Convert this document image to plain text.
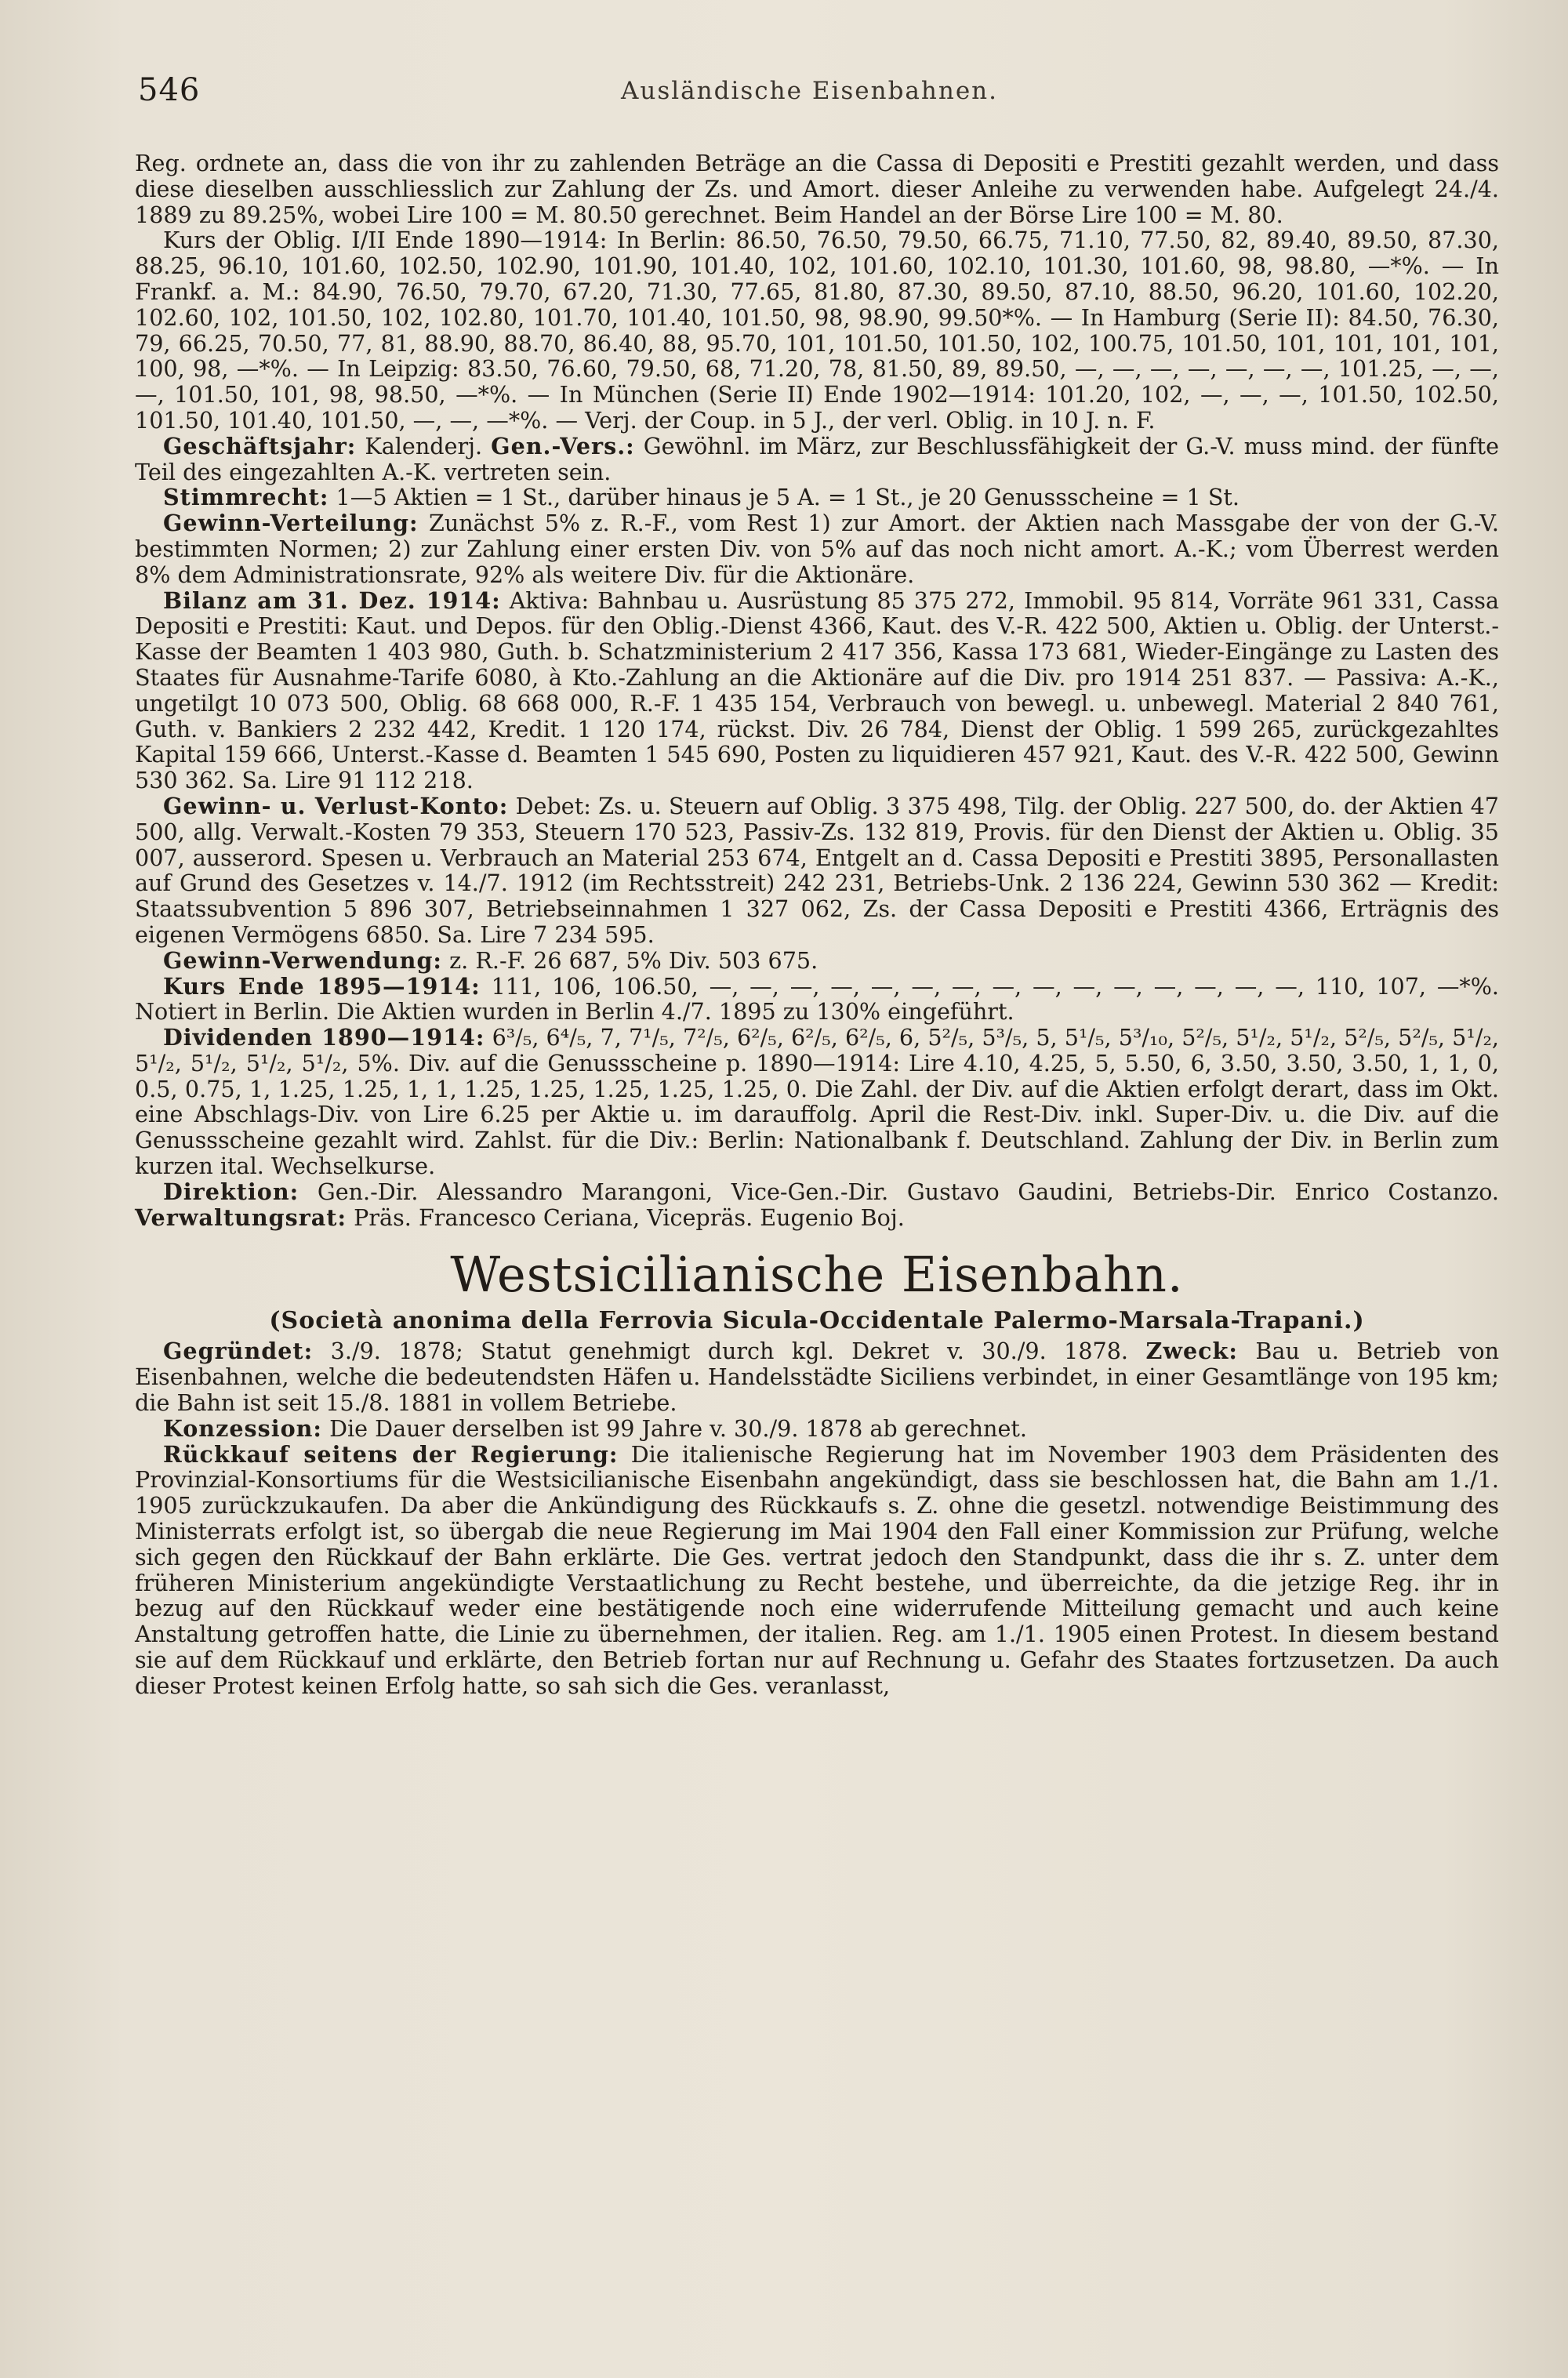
546	Ausländische Eisenbahnen.

Reg. ordnete an, dass die von ihr zu zahlenden Beträge an die Cassa di Depositi e Prestiti gezahlt werden, und dass diese dieselben ausschliesslich zur Zahlung der Zs. und Amort. dieser Anleihe zu verwenden habe. Aufgelegt 24./4. 1889 zu 89.25%, wobei Lire 100 = M. 80.50 gerechnet. Beim Handel an der Börse Lire 100 = M. 80.

Kurs der Oblig. I/II Ende 1890—1914: In Berlin: 86.50, 76.50, 79.50, 66.75, 71.10, 77.50, 82, 89.40, 89.50, 87.30, 88.25, 96.10, 101.60, 102.50, 102.90, 101.90, 101.40, 102, 101.60, 102.10, 101.30, 101.60, 98, 98.80, —*%. — In Frankf. a. M.: 84.90, 76.50, 79.70, 67.20, 71.30, 77.65, 81.80, 87.30, 89.50, 87.10, 88.50, 96.20, 101.60, 102.20, 102.60, 102, 101.50, 102, 102.80, 101.70, 101.40, 101.50, 98, 98.90, 99.50*%. — In Hamburg (Serie II): 84.50, 76.30, 79, 66.25, 70.50, 77, 81, 88.90, 88.70, 86.40, 88, 95.70, 101, 101.50, 101.50, 102, 100.75, 101.50, 101, 101, 101, 101, 100, 98, —*%. — In Leipzig: 83.50, 76.60, 79.50, 68, 71.20, 78, 81.50, 89, 89.50, —, —, —, —, —, —, —, 101.25, —, —, —, 101.50, 101, 98, 98.50, —*%. — In München (Serie II) Ende 1902—1914: 101.20, 102, —, —, —, 101.50, 102.50, 101.50, 101.40, 101.50, —, —, —*%. — Verj. der Coup. in 5 J., der verl. Oblig. in 10 J. n. F.

Geschäftsjahr: Kalenderj. Gen.-Vers.: Gewöhnl. im März, zur Beschlussfähigkeit der G.-V. muss mind. der fünfte Teil des eingezahlten A.-K. vertreten sein.

Stimmrecht: 1—5 Aktien = 1 St., darüber hinaus je 5 A. = 1 St., je 20 Genussscheine = 1 St.

Gewinn-Verteilung: Zunächst 5% z. R.-F., vom Rest 1) zur Amort. der Aktien nach Massgabe der von der G.-V. bestimmten Normen; 2) zur Zahlung einer ersten Div. von 5% auf das noch nicht amort. A.-K.; vom Überrest werden 8% dem Administrationsrate, 92% als weitere Div. für die Aktionäre.

Bilanz am 31. Dez. 1914: Aktiva: Bahnbau u. Ausrüstung 85 375 272, Immobil. 95 814, Vorräte 961 331, Cassa Depositi e Prestiti: Kaut. und Depos. für den Oblig.-Dienst 4366, Kaut. des V.-R. 422 500, Aktien u. Oblig. der Unterst.-Kasse der Beamten 1 403 980, Guth. b. Schatzministerium 2 417 356, Kassa 173 681, Wieder-Eingänge zu Lasten des Staates für Ausnahme-Tarife 6080, à Kto.-Zahlung an die Aktionäre auf die Div. pro 1914 251 837. — Passiva: A.-K., ungetilgt 10 073 500, Oblig. 68 668 000, R.-F. 1 435 154, Verbrauch von bewegl. u. unbewegl. Material 2 840 761, Guth. v. Bankiers 2 232 442, Kredit. 1 120 174, rückst. Div. 26 784, Dienst der Oblig. 1 599 265, zurückgezahltes Kapital 159 666, Unterst.-Kasse d. Beamten 1 545 690, Posten zu liquidieren 457 921, Kaut. des V.-R. 422 500, Gewinn 530 362. Sa. Lire 91 112 218.

Gewinn- u. Verlust-Konto: Debet: Zs. u. Steuern auf Oblig. 3 375 498, Tilg. der Oblig. 227 500, do. der Aktien 47 500, allg. Verwalt.-Kosten 79 353, Steuern 170 523, Passiv-Zs. 132 819, Provis. für den Dienst der Aktien u. Oblig. 35 007, ausserord. Spesen u. Verbrauch an Material 253 674, Entgelt an d. Cassa Depositi e Prestiti 3895, Personallasten auf Grund des Gesetzes v. 14./7. 1912 (im Rechtsstreit) 242 231, Betriebs-Unk. 2 136 224, Gewinn 530 362 — Kredit: Staatssubvention 5 896 307, Betriebseinnahmen 1 327 062, Zs. der Cassa Depositi e Prestiti 4366, Erträgnis des eigenen Vermögens 6850. Sa. Lire 7 234 595.

Gewinn-Verwendung: z. R.-F. 26 687, 5% Div. 503 675.

Kurs Ende 1895—1914: 111, 106, 106.50, —, —, —, —, —, —, —, —, —, —, —, —, —, —, —, 110, 107, —*%. Notiert in Berlin. Die Aktien wurden in Berlin 4./7. 1895 zu 130% eingeführt.

Dividenden 1890—1914: 6³/₅, 6⁴/₅, 7, 7¹/₅, 7²/₅, 6²/₅, 6²/₅, 6²/₅, 6, 5²/₅, 5³/₅, 5, 5¹/₅, 5³/₁₀, 5²/₅, 5¹/₂, 5¹/₂, 5²/₅, 5²/₅, 5¹/₂, 5¹/₂, 5¹/₂, 5¹/₂, 5¹/₂, 5%. Div. auf die Genussscheine p. 1890—1914: Lire 4.10, 4.25, 5, 5.50, 6, 3.50, 3.50, 3.50, 1, 1, 0, 0.5, 0.75, 1, 1.25, 1.25, 1, 1, 1.25, 1.25, 1.25, 1.25, 1.25, 0. Die Zahl. der Div. auf die Aktien erfolgt derart, dass im Okt. eine Abschlags-Div. von Lire 6.25 per Aktie u. im darauffolg. April die Rest-Div. inkl. Super-Div. u. die Div. auf die Genussscheine gezahlt wird. Zahlst. für die Div.: Berlin: Nationalbank f. Deutschland. Zahlung der Div. in Berlin zum kurzen ital. Wechselkurse.

Direktion: Gen.-Dir. Alessandro Marangoni, Vice-Gen.-Dir. Gustavo Gaudini, Betriebs-Dir. Enrico Costanzo. Verwaltungsrat: Präs. Francesco Ceriana, Vicepräs. Eugenio Boj.

Westsicilianische Eisenbahn.
(Società anonima della Ferrovia Sicula-Occidentale Palermo-Marsala-Trapani.)

Gegründet: 3./9. 1878; Statut genehmigt durch kgl. Dekret v. 30./9. 1878. Zweck: Bau u. Betrieb von Eisenbahnen, welche die bedeutendsten Häfen u. Handelsstädte Siciliens verbindet, in einer Gesamtlänge von 195 km; die Bahn ist seit 15./8. 1881 in vollem Betriebe.

Konzession: Die Dauer derselben ist 99 Jahre v. 30./9. 1878 ab gerechnet.

Rückkauf seitens der Regierung: Die italienische Regierung hat im November 1903 dem Präsidenten des Provinzial-Konsortiums für die Westsicilianische Eisenbahn angekündigt, dass sie beschlossen hat, die Bahn am 1./1. 1905 zurückzukaufen. Da aber die Ankündigung des Rückkaufs s. Z. ohne die gesetzl. notwendige Beistimmung des Ministerrats erfolgt ist, so übergab die neue Regierung im Mai 1904 den Fall einer Kommission zur Prüfung, welche sich gegen den Rückkauf der Bahn erklärte. Die Ges. vertrat jedoch den Standpunkt, dass die ihr s. Z. unter dem früheren Ministerium angekündigte Verstaatlichung zu Recht bestehe, und überreichte, da die jetzige Reg. ihr in bezug auf den Rückkauf weder eine bestätigende noch eine widerrufende Mitteilung gemacht und auch keine Anstaltung getroffen hatte, die Linie zu übernehmen, der italien. Reg. am 1./1. 1905 einen Protest. In diesem bestand sie auf dem Rückkauf und erklärte, den Betrieb fortan nur auf Rechnung u. Gefahr des Staates fortzusetzen. Da auch dieser Protest keinen Erfolg hatte, so sah sich die Ges. veranlasst,
